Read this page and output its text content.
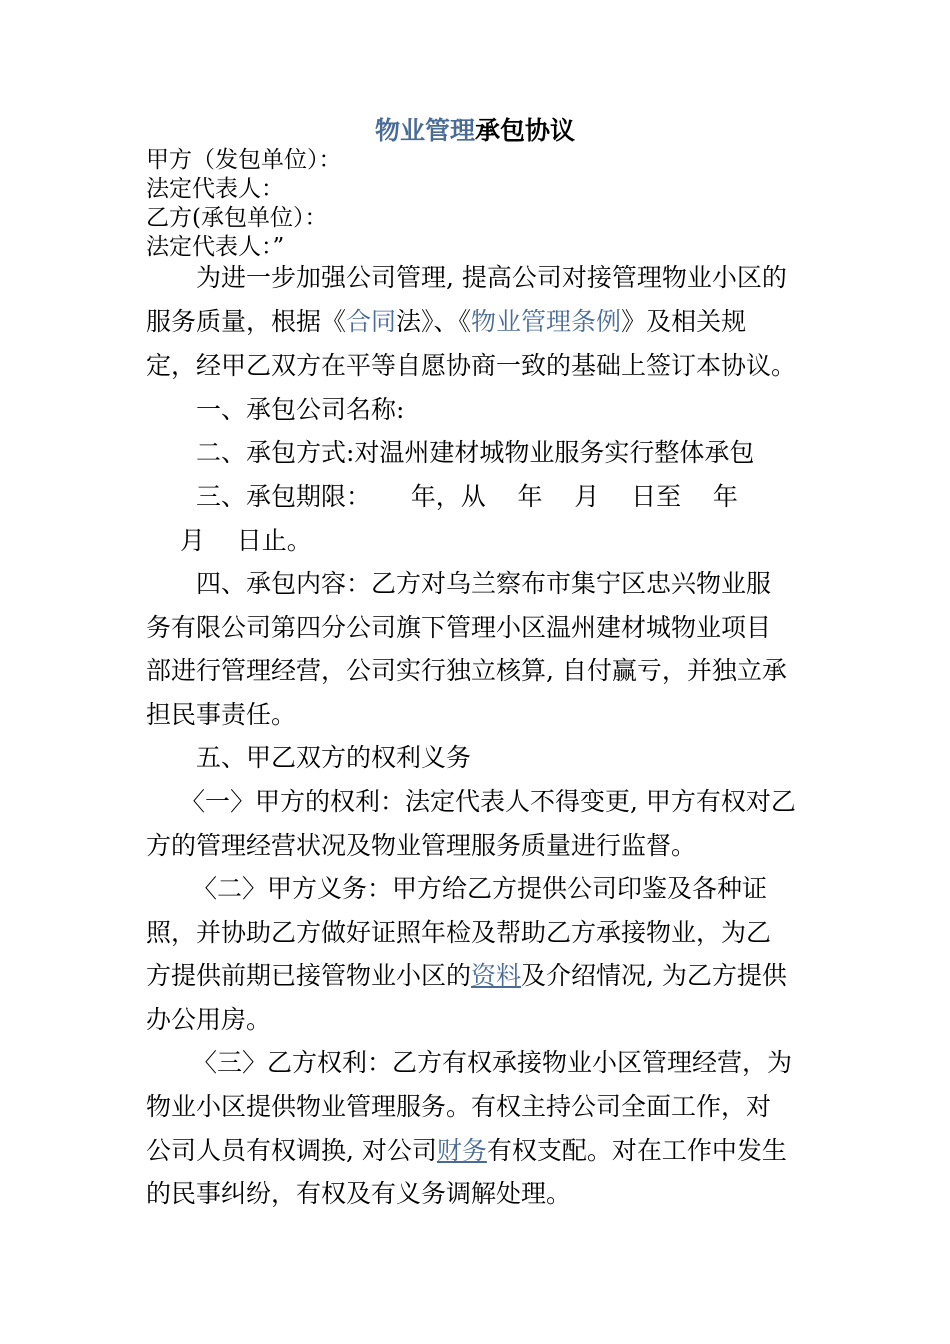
物业管理承包协议
甲方（发包单位）：
法定代表人：
乙方(承包单位）：
法定代表人：”
为进一步加强公司管理, 提高公司对接管理物业小区的
服务质量，根据《合同法》、《物业管理条例》及相关规
定，经甲乙双方在平等自愿协商一致的基础上签订本协议。
一、承包公司名称:
二、承包方式:对温州建材城物业服务实行整体承包
三、承包期限：     年，从    年    月    日至    年
月    日止。
四、承包内容：乙方对乌兰察布市集宁区忠兴物业服
务有限公司第四分公司旗下管理小区温州建材城物业项目
部进行管理经营，公司实行独立核算, 自付赢亏，并独立承
担民事责任。
五、甲乙双方的权利义务
〈一〉甲方的权利：法定代表人不得变更, 甲方有权对乙
方的管理经营状况及物业管理服务质量进行监督。
〈二〉甲方义务：甲方给乙方提供公司印鉴及各种证
照，并协助乙方做好证照年检及帮助乙方承接物业，为乙
方提供前期已接管物业小区的资料及介绍情况, 为乙方提供
办公用房。
〈三〉乙方权利：乙方有权承接物业小区管理经营，为
物业小区提供物业管理服务。有权主持公司全面工作，对
公司人员有权调换, 对公司财务有权支配。对在工作中发生
的民事纠纷，有权及有义务调解处理。
